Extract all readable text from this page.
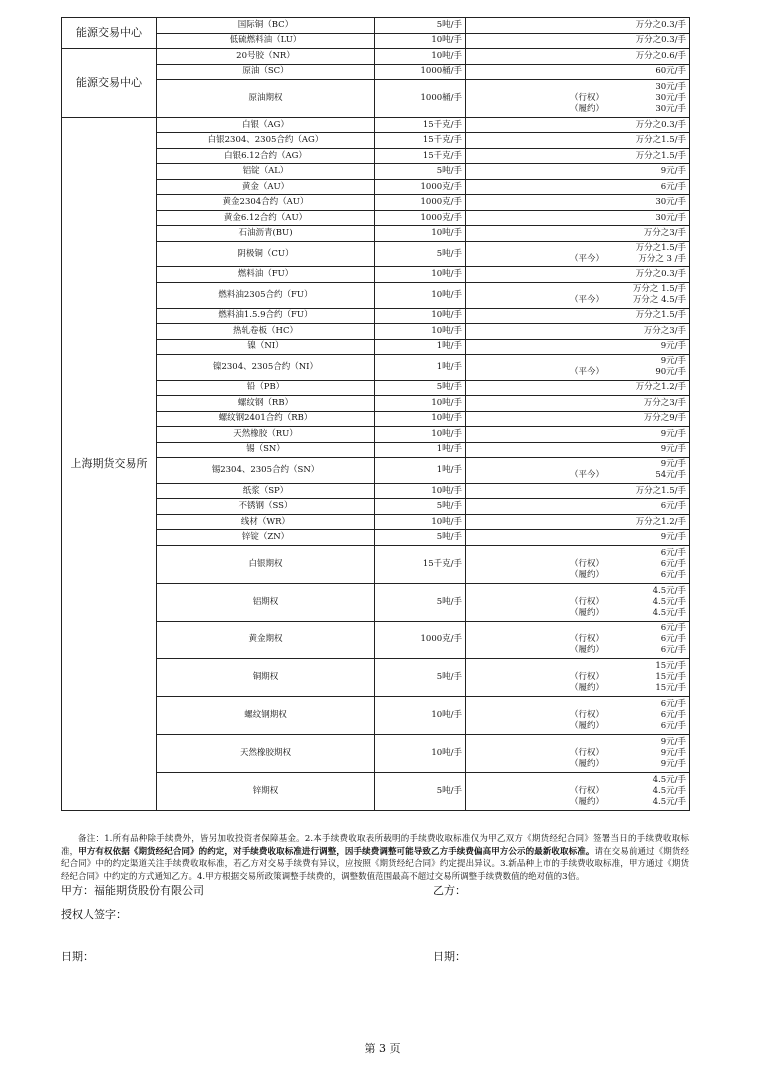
能源交易中心	国际铜（BC）	5吨/手	万分之0.3/手

	低硫燃料油（LU）	10吨/手	万分之0.3/手

能源交易中心	20号胶（NR）	10吨/手	万分之0.6/手

	原油（SC）	1000桶/手	60元/手

	原油期权	1000桶/手	30元/手
（行权） 30元/手
（履约） 30元/手

上海期货交易所	白银（AG）	15千克/手	万分之0.3/手

	白银2304、2305合约（AG）	15千克/手	万分之1.5/手

	白银6.12合约（AG）	15千克/手	万分之1.5/手

	铝锭（AL）	5吨/手	9元/手

	黄金（AU）	1000克/手	6元/手

	黄金2304合约（AU）	1000克/手	30元/手

	黄金6.12合约（AU）	1000克/手	30元/手

	石油沥青(BU)	10吨/手	万分之3/手

	阴极铜（CU）	5吨/手	万分之1.5/手
（平今） 万分之 3 /手

	燃料油（FU）	10吨/手	万分之0.3/手

	燃料油2305合约（FU）	10吨/手	万分之 1.5/手
（平今） 万分之 4.5/手

	燃料油1.5.9合约（FU）	10吨/手	万分之1.5/手

	热轧卷板（HC）	10吨/手	万分之3/手

	镍（NI）	1吨/手	9元/手

	镍2304、2305合约（NI）	1吨/手	9元/手
（平今） 90元/手

	铅（PB）	5吨/手	万分之1.2/手

	螺纹钢（RB）	10吨/手	万分之3/手

	螺纹钢2401合约（RB）	10吨/手	万分之9/手

	天然橡胶（RU）	10吨/手	9元/手

	锡（SN）	1吨/手	9元/手

	锡2304、2305合约（SN）	1吨/手	9元/手
（平今） 54元/手

	纸浆（SP）	10吨/手	万分之1.5/手

	不锈钢（SS）	5吨/手	6元/手

	线材（WR）	10吨/手	万分之1.2/手

	锌锭（ZN）	5吨/手	9元/手

	白银期权	15千克/手	6元/手
（行权） 6元/手
（履约） 6元/手

	铝期权	5吨/手	4.5元/手
（行权） 4.5元/手
（履约） 4.5元/手

	黄金期权	1000克/手	6元/手
（行权） 6元/手
（履约） 6元/手

	铜期权	5吨/手	15元/手
（行权） 15元/手
（履约） 15元/手

	螺纹钢期权	10吨/手	6元/手
（行权） 6元/手
（履约） 6元/手

	天然橡胶期权	10吨/手	9元/手
（行权） 9元/手
（履约） 9元/手

	锌期权	5吨/手	4.5元/手
（行权） 4.5元/手
（履约） 4.5元/手
备注：1.所有品种除手续费外，皆另加收投资者保障基金。2.本手续费收取表所载明的手续费收取标准仅为甲乙双方《期货经纪合同》签署当日的手续费收取标准，甲方有权依据《期货经纪合同》的约定，对手续费收取标准进行调整，因手续费调整可能导致乙方手续费偏高甲方公示的最新收取标准。请在交易前通过《期货经纪合同》中的约定渠道关注手续费收取标准，若乙方对交易手续费有异议，应按照《期货经纪合同》约定提出异议。3.新品种上市的手续费收取标准，甲方通过《期货经纪合同》中约定的方式通知乙方。4.甲方根据交易所政策调整手续费的，调整数值范围最高不超过交易所调整手续费数值的绝对值的3倍。
甲方：福能期货股份有限公司
授权人签字：
日期：
乙方：
日期：
第 3 页
